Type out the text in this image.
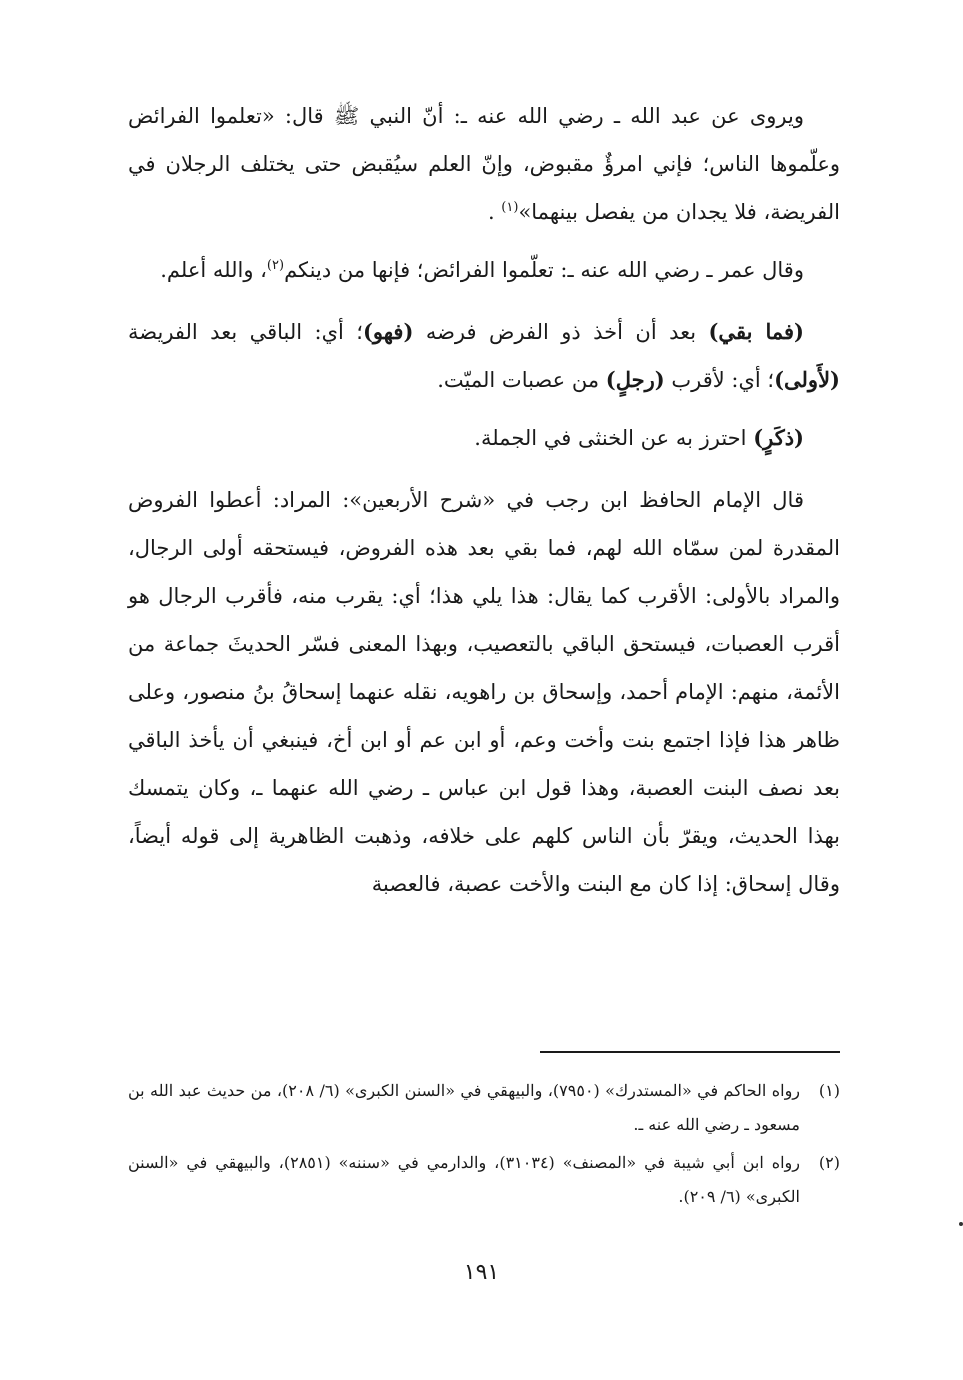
ويروى عن عبد الله ـ رضي الله عنه ـ: أنّ النبي ﷺ قال: «تعلموا الفرائض وعلّموها الناس؛ فإني امرؤٌ مقبوض، وإنّ العلم سيُقبض حتى يختلف الرجلان في الفريضة، فلا يجدان من يفصل بينهما»$^{(١)}$ .

وقال عمر ـ رضي الله عنه ـ: تعلّموا الفرائض؛ فإنها من دينكم$^{(٢)}$، والله أعلم.

(فما بقي) بعد أن أخذ ذو الفرض فرضه (فهو)؛ أي: الباقي بعد الفريضة (لأَولى)؛ أي: لأقرب (رجلٍ) من عصبات الميّت.

(ذكَرٍ) احترز به عن الخنثى في الجملة.

قال الإمام الحافظ ابن رجب في «شرح الأربعين»: المراد: أعطوا الفروض المقدرة لمن سمّاه الله لهم، فما بقي بعد هذه الفروض، فيستحقه أولى الرجال، والمراد بالأولى: الأقرب كما يقال: هذا يلي هذا؛ أي: يقرب منه، فأقرب الرجال هو أقرب العصبات، فيستحق الباقي بالتعصيب، وبهذا المعنى فسّر الحديثَ جماعة من الأئمة، منهم: الإمام أحمد، وإسحاق بن راهويه، نقله عنهما إسحاقُ بنُ منصور، وعلى ظاهر هذا فإذا اجتمع بنت وأخت وعم، أو ابن عم أو ابن أخ، فينبغي أن يأخذ الباقي بعد نصف البنت العصبة، وهذا قول ابن عباس ـ رضي الله عنهما ـ، وكان يتمسك بهذا الحديث، ويقرّ بأن الناس كلهم على خلافه، وذهبت الظاهرية إلى قوله أيضاً، وقال إسحاق: إذا كان مع البنت والأخت عصبة، فالعصبة

(١)
رواه الحاكم في «المستدرك» (٧٩٥٠)، والبيهقي في «السنن الكبرى» (٦/ ٢٠٨)، من حديث عبد الله بن مسعود ـ رضي الله عنه ـ.
(٢)
رواه ابن أبي شيبة في «المصنف» (٣١٠٣٤)، والدارمي في «سننه» (٢٨٥١)، والبيهقي في «السنن الكبرى» (٦/ ٢٠٩).
١٩١
